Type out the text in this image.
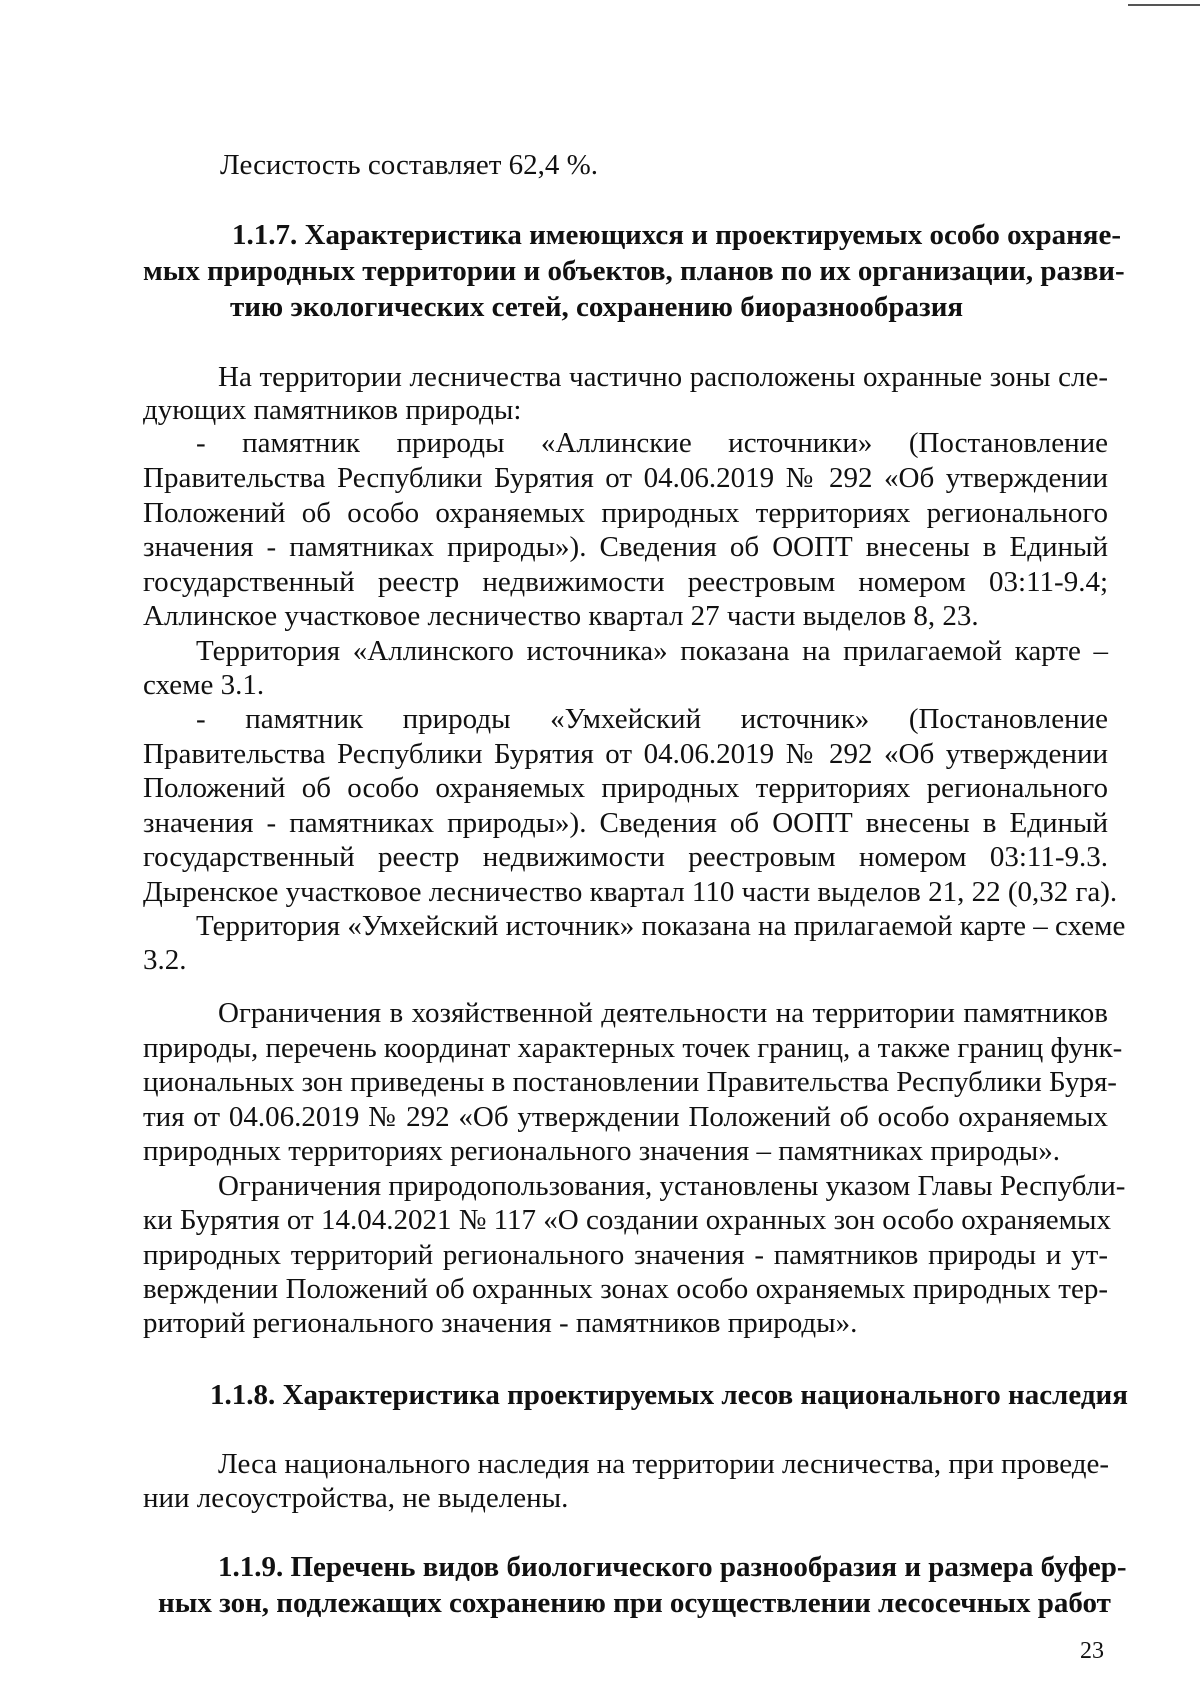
Лесистость составляет 62,4 %.
1.1.7. Характеристика имеющихся и проектируемых особо охраняе-
мых природных территории и объектов, планов по их организации, разви-
тию экологических сетей, сохранению биоразнообразия
На территории лесничества частично расположены охранные зоны сле-
дующих памятников природы:
- памятник природы «Аллинские источники» (Постановление
Правительства Республики Бурятия от 04.06.2019 № 292 «Об утверждении
Положений об особо охраняемых природных территориях регионального
значения - памятниках природы»). Сведения об ООПТ внесены в Единый
государственный реестр недвижимости реестровым номером 03:11-9.4;
Аллинское участковое лесничество квартал 27 части выделов 8, 23.
Территория «Аллинского источника» показана на прилагаемой карте –
схеме 3.1.
- памятник природы «Умхейский источник» (Постановление
Правительства Республики Бурятия от 04.06.2019 № 292 «Об утверждении
Положений об особо охраняемых природных территориях регионального
значения - памятниках природы»). Сведения об ООПТ внесены в Единый
государственный реестр недвижимости реестровым номером 03:11-9.3.
Дыренское участковое лесничество квартал 110 части выделов 21, 22 (0,32 га).
Территория «Умхейский источник» показана на прилагаемой карте – схеме
3.2.
Ограничения в хозяйственной деятельности на территории памятников
природы, перечень координат характерных точек границ, а также границ функ-
циональных зон приведены в постановлении Правительства Республики Буря-
тия от 04.06.2019 № 292 «Об утверждении Положений об особо охраняемых
природных территориях регионального значения – памятниках природы».
Ограничения природопользования, установлены указом Главы Республи-
ки Бурятия от 14.04.2021 № 117 «О создании охранных зон особо охраняемых
природных территорий регионального значения - памятников природы и ут-
верждении Положений об охранных зонах особо охраняемых природных тер-
риторий регионального значения - памятников природы».
1.1.8. Характеристика проектируемых лесов национального наследия
Леса национального наследия на территории лесничества, при проведе-
нии лесоустройства, не выделены.
1.1.9. Перечень видов биологического разнообразия и размера буфер-
ных зон, подлежащих сохранению при осуществлении лесосечных работ
23
